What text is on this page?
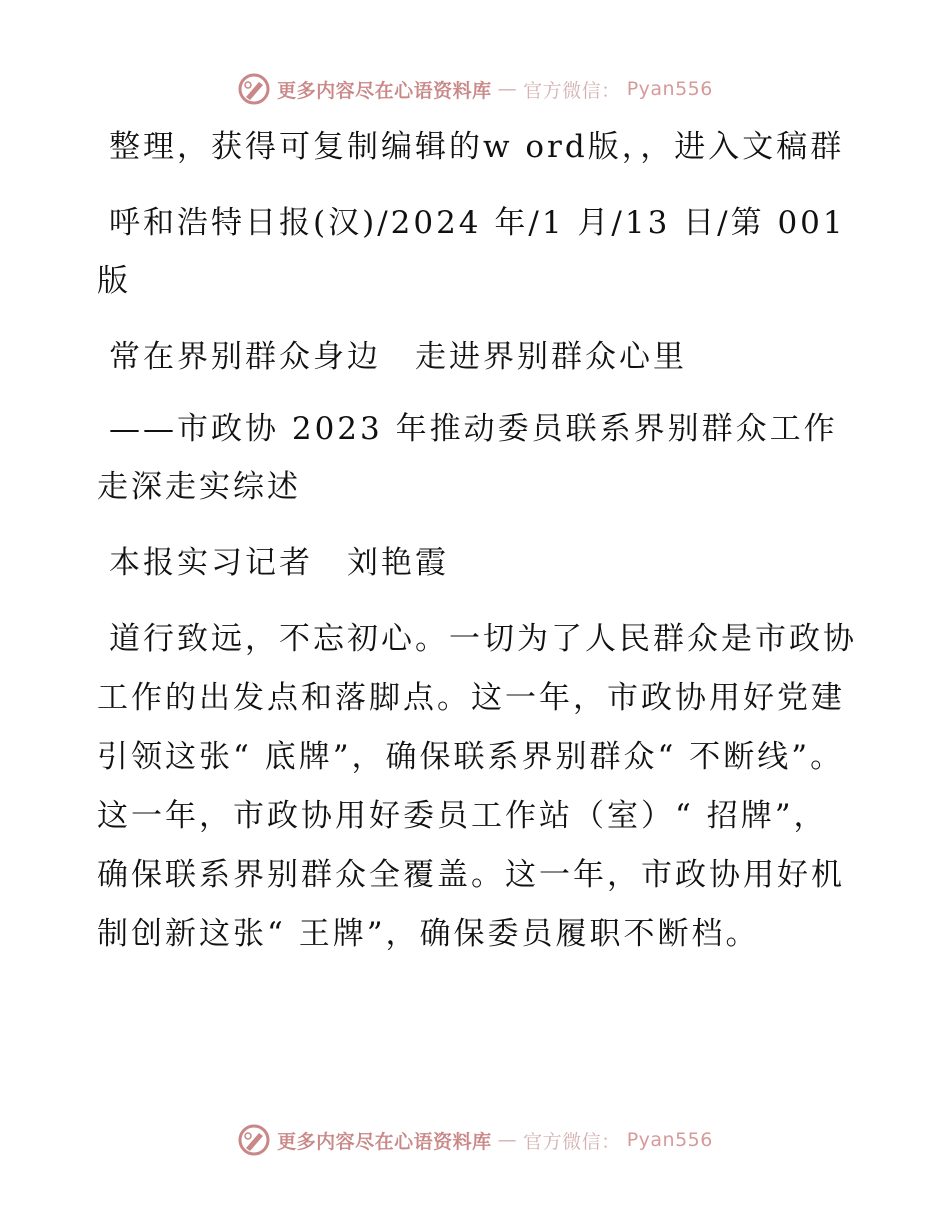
更多内容尽在心语资料库 — 官方微信： Pyan556

整理，获得可复制编辑的w ord版，，进入文稿群

呼和浩特日报(汉)/2024 年/1 月/13 日/第 001 版

常在界别群众身边　走进界别群众心里

——市政协 2023 年推动委员联系界别群众工作走深走实综述

本报实习记者　刘艳霞

道行致远，不忘初心。一切为了人民群众是市政协工作的出发点和落脚点。这一年，市政协用好党建引领这张“ 底牌”，确保联系界别群众“ 不断线”。这一年，市政协用好委员工作站（室）“ 招牌”，确保联系界别群众全覆盖。这一年，市政协用好机制创新这张“ 王牌”，确保委员履职不断档。

更多内容尽在心语资料库 — 官方微信： Pyan556
